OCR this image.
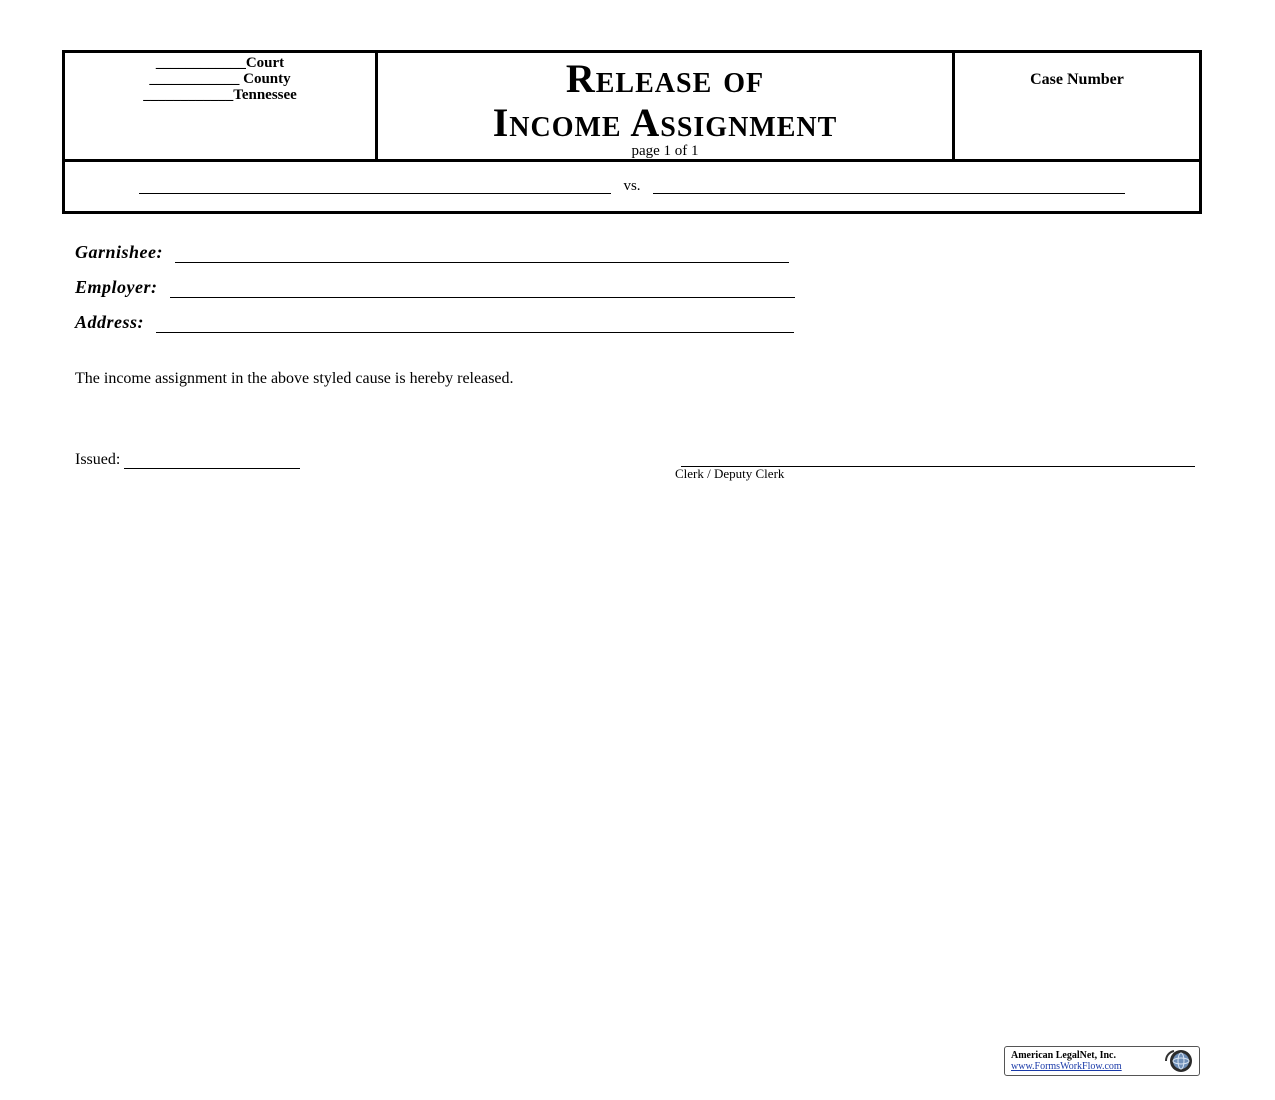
____________Court
____________ County
____________Tennessee	Release of
Income Assignment
page 1 of 1
Case Number
vs.
Garnishee:
Employer:
Address:
The income assignment in the above styled cause is hereby released.
Issued:
Clerk / Deputy Clerk
American LegalNet, Inc.
www.FormsWorkFlow.com
